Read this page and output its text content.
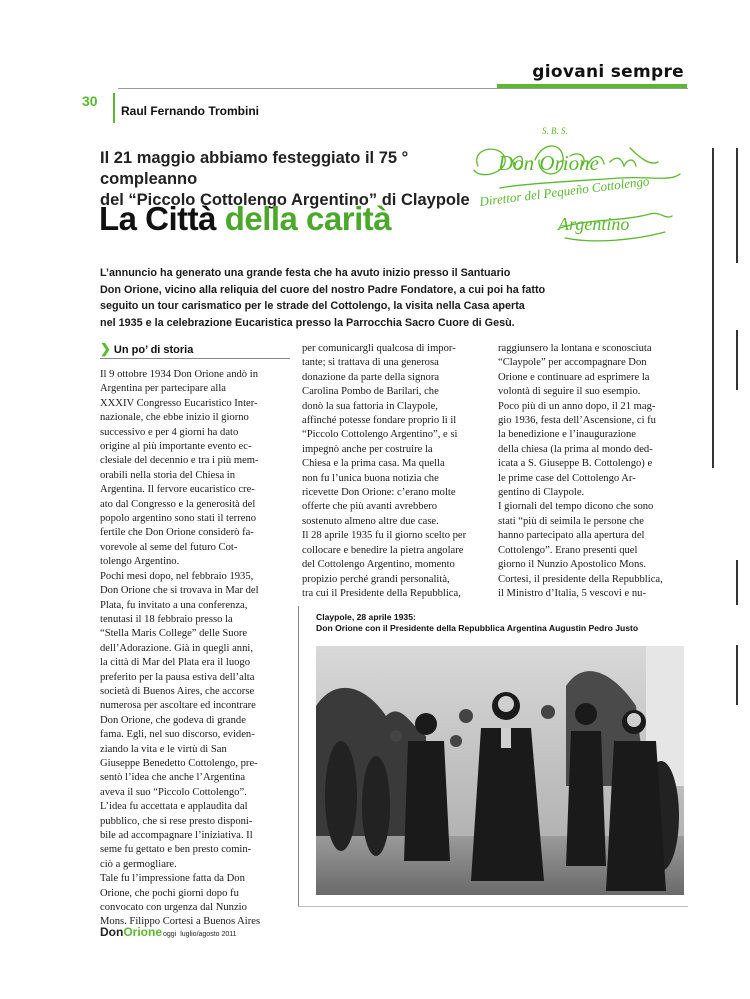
giovani sempre
30
Raul Fernando Trombini
Il 21 maggio abbiamo festeggiato il 75 ° compleanno
del “Piccolo Cottolengo Argentino” di Claypole
La Città della carità
S. B. S.
Don Orione
Direttor del Pequeño Cottolengo
Argentino

L’annuncio ha generato una grande festa che ha avuto inizio presso il Santuario

Don Orione, vicino alla reliquia del cuore del nostro Padre Fondatore, a cui poi ha fatto

seguito un tour carismatico per le strade del Cottolengo, la visita nella Casa aperta

nel 1935 e la celebrazione Eucaristica presso la Parrocchia Sacro Cuore di Gesù.

❯ Un po’ di storia

Il 9 ottobre 1934 Don Orione andò in

Argentina per partecipare alla

XXXIV Congresso Eucaristico Inter-

nazionale, che ebbe inizio il giorno

successivo e per 4 giorni ha dato

origine al più importante evento ec-

clesiale del decennio e tra i più mem-

orabili nella storia del Chiesa in

Argentina. Il fervore eucaristico cre-

ato dal Congresso e la generosità del

popolo argentino sono stati il terreno

fertile che Don Orione considerò fa-

vorevole al seme del futuro Cot-

tolengo Argentino.

Pochi mesi dopo, nel febbraio 1935,

Don Orione che si trovava in Mar del

Plata, fu invitato a una conferenza,

tenutasi il 18 febbraio presso la

“Stella Maris College” delle Suore

dell’Adorazione. Già in quegli anni,

la città di Mar del Plata era il luogo

preferito per la pausa estiva dell’alta

società di Buenos Aires, che accorse

numerosa per ascoltare ed incontrare

Don Orione, che godeva di grande

fama. Egli, nel suo discorso, eviden-

ziando la vita e le virtù di San

Giuseppe Benedetto Cottolengo, pre-

sentò l’idea che anche l’Argentina

aveva il suo “Piccolo Cottolengo”.

L’idea fu accettata e applaudita dal

pubblico, che si rese presto disponi-

bile ad accompagnare l’iniziativa. Il

seme fu gettato e ben presto comin-

ciò a germogliare.

Tale fu l’impressione fatta da Don

Orione, che pochi giorni dopo fu

convocato con urgenza dal Nunzio

Mons. Filippo Cortesi a Buenos Aires

per comunicargli qualcosa di impor-

tante; si trattava di una generosa

donazione da parte della signora

Carolina Pombo de Barilari, che

donò la sua fattoria in Claypole,

affinché potesse fondare proprio lì il

“Piccolo Cottolengo Argentino”, e si

impegnò anche per costruire la

Chiesa e la prima casa. Ma quella

non fu l’unica buona notizia che

ricevette Don Orione: c’erano molte

offerte che più avanti avrebbero

sostenuto almeno altre due case.

Il 28 aprile 1935 fu il giorno scelto per

collocare e benedire la pietra angolare

del Cottolengo Argentino, momento

propizio perché grandi personalità,

tra cui il Presidente della Repubblica,

raggiunsero la lontana e sconosciuta

“Claypole” per accompagnare Don

Orione e continuare ad esprimere la

volontà di seguire il suo esempio.

Poco più di un anno dopo, il 21 mag-

gio 1936, festa dell’Ascensione, ci fu

la benedizione e l’inaugurazione

della chiesa (la prima al mondo ded-

icata a S. Giuseppe B. Cottolengo) e

le prime case del Cottolengo Ar-

gentino di Claypole.

I giornali del tempo dicono che sono

stati “più di seimila le persone che

hanno partecipato alla apertura del

Cottolengo”. Erano presenti quel

giorno il Nunzio Apostolico Mons.

Cortesi, il presidente della Repubblica,

il Ministro d’Italia, 5 vescovi e nu-

Claypole, 28 aprile 1935:

Don Orione con il Presidente della Repubblica Argentina Augustin Pedro Justo

DonOrioneoggi luglio/agosto 2011
